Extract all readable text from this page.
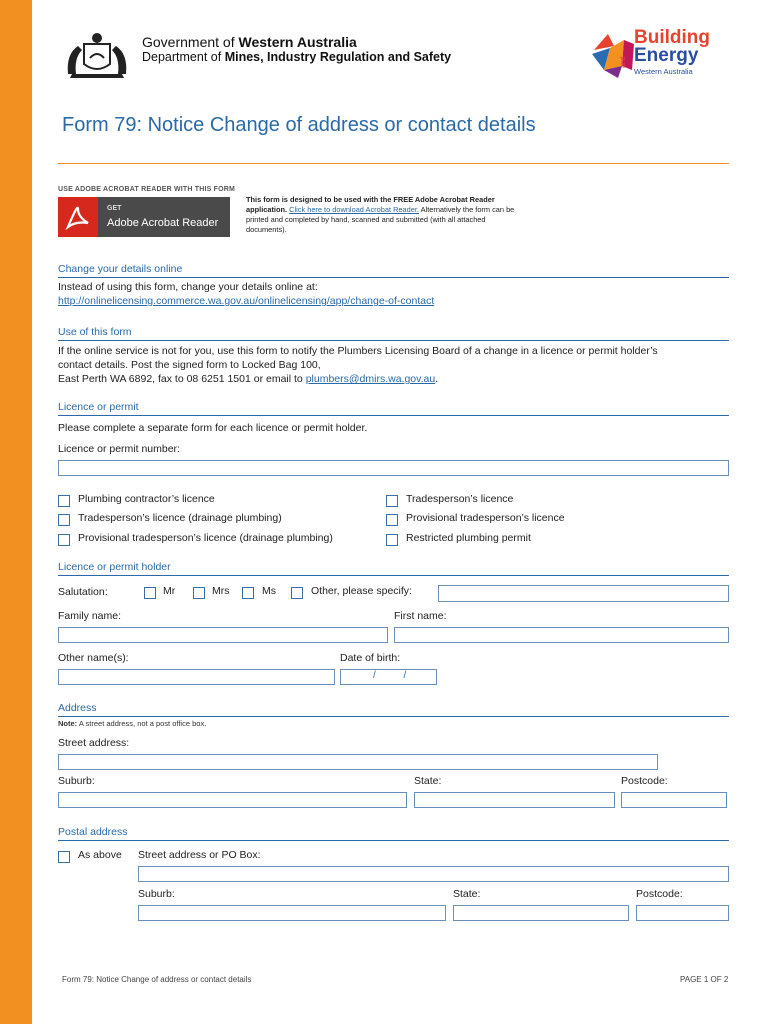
Government of Western Australia
Department of Mines, Industry Regulation and Safety
Building
and Energy
Western Australia
Form 79: Notice Change of address or contact details
USE ADOBE ACROBAT READER WITH THIS FORM
GET
Adobe Acrobat Reader
This form is designed to be used with the FREE Adobe Acrobat Reader application. Click here to download Acrobat Reader. Alternatively the form can be printed and completed by hand, scanned and submitted (with all attached documents).
Change your details online
Instead of using this form, change your details online at:
http://onlinelicensing.commerce.wa.gov.au/onlinelicensing/app/change-of-contact
Use of this form
If the online service is not for you, use this form to notify the Plumbers Licensing Board of a change in a licence or permit holder’s
contact details. Post the signed form to Locked Bag 100,
East Perth WA 6892, fax to 08 6251 1501 or email to plumbers@dmirs.wa.gov.au.
Licence or permit
Please complete a separate form for each licence or permit holder.
Licence or permit number:
Plumbing contractor’s licence
Tradesperson’s licence (drainage plumbing)
Provisional tradesperson’s licence (drainage plumbing)
Tradesperson’s licence
Provisional tradesperson’s licence
Restricted plumbing permit
Licence or permit holder
Salutation:	Mr	Mrs	Ms	Other, please specify:
Family name:	First name:
Other name(s):	Date of birth:
/          /
Address
Note: A street address, not a post office box.
Street address:
Suburb:	State:	Postcode:
Postal address
As above Street address or PO Box:
Suburb:	State:	Postcode:
Form 79: Notice Change of address or contact details	PAGE 1 OF 2
